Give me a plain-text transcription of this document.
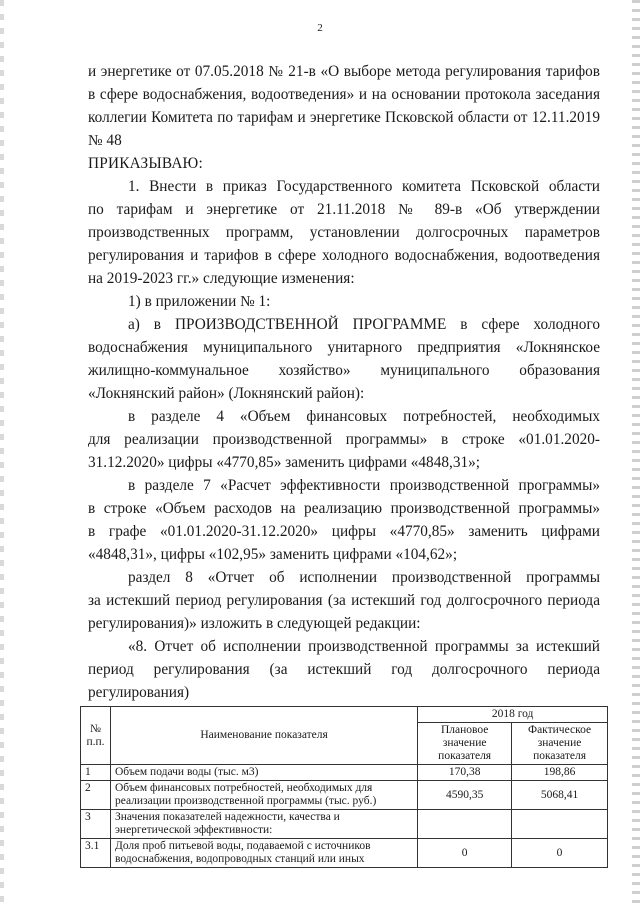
2
и энергетике от 07.05.2018 № 21-в «О выборе метода регулирования тарифов
в сфере водоснабжения, водоотведения» и на основании протокола заседания
коллегии Комитета по тарифам и энергетике Псковской области от 12.11.2019
№ 48
ПРИКАЗЫВАЮ:
1. Внести в приказ Государственного комитета Псковской области
по тарифам и энергетике от 21.11.2018 № 89-в «Об утверждении
производственных программ, установлении долгосрочных параметров
регулирования и тарифов в сфере холодного водоснабжения, водоотведения
на 2019-2023 гг.» следующие изменения:
1) в приложении № 1:
а) в ПРОИЗВОДСТВЕННОЙ ПРОГРАММЕ в сфере холодного
водоснабжения муниципального унитарного предприятия «Локнянское
жилищно-коммунальное хозяйство» муниципального образования
«Локнянский район» (Локнянский район):
в разделе 4 «Объем финансовых потребностей, необходимых
для реализации производственной программы» в строке «01.01.2020-
31.12.2020» цифры «4770,85» заменить цифрами «4848,31»;
в разделе 7 «Расчет эффективности производственной программы»
в строке «Объем расходов на реализацию производственной программы»
в графе «01.01.2020-31.12.2020» цифры «4770,85» заменить цифрами
«4848,31», цифры «102,95» заменить цифрами «104,62»;
раздел 8 «Отчет об исполнении производственной программы
за истекший период регулирования (за истекший год долгосрочного периода
регулирования)» изложить в следующей редакции:
«8. Отчет об исполнении производственной программы за истекший
период регулирования (за истекший год долгосрочного периода
№ п.п.	Наименование показателя	2018 год	
		Плановое значение показателя	Фактическое значение показателя
1	Объем подачи воды (тыс. м3)	170,38	198,86
2	Объем финансовых потребностей, необходимых для реализации производственной программы (тыс. руб.)	4590,35	5068,41
3	Значения показателей надежности, качества и энергетической эффективности:		
3.1	Доля проб питьевой воды, подаваемой с источников водоснабжения, водопроводных станций или иных	0	0
регулирования)
